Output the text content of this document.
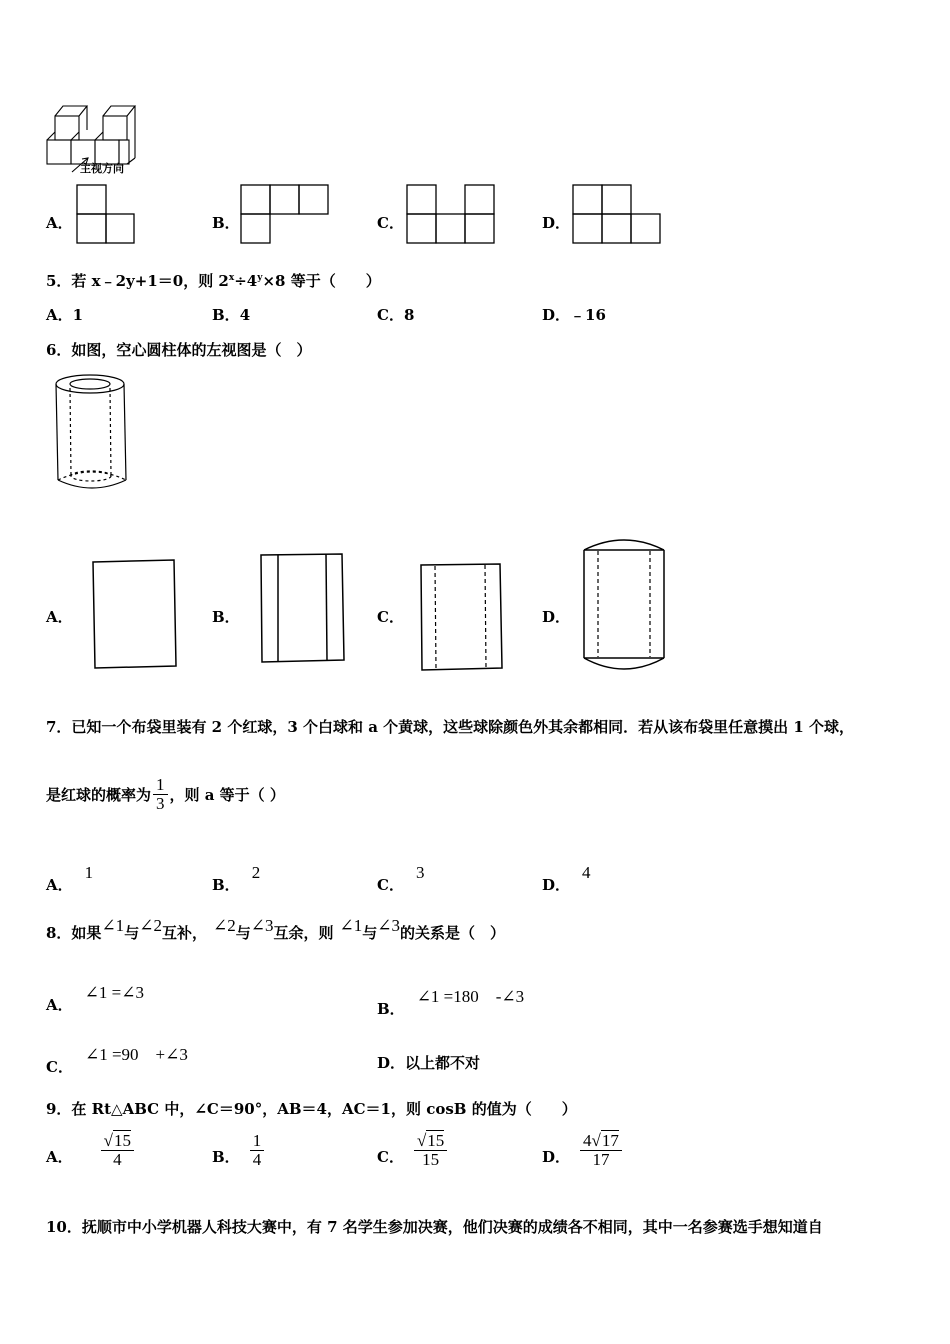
主视方向
A．	B．	C．	D．
5．若 x﹣2y+1＝0，则 $2^x\div 4^y\times 8$ 等于（　　）
A．1	B．4	C．8	D．﹣16
6．如图，空心圆柱体的左视图是（　）
A．	B．	C．	D．
7．已知一个布袋里装有 2 个红球，3 个白球和 a 个黄球，这些球除颜色外其余都相同．若从该布袋里任意摸出 1 个球，
是红球的概率为 $\frac{1}{3}$ ，则 a 等于（ ）
A．1
B．2
C．3
D．4
8．如果∠1与∠2互补， ∠2与∠3互余，则 ∠1与∠3的关系是（　）
A．∠1 =∠3
B．∠1 =180　-∠3
C．∠1 =90　+∠3	D．以上都不对
9．在 Rt△ABC 中，∠C＝90°，AB＝4，AC＝1，则 cosB 的值为（　　）
A． $\frac{√15}{4}$	B． $\frac{1}{4}$	C． $\frac{√15}{15}$	D． $\frac{4√17}{17}$
10．抚顺市中小学机器人科技大赛中，有 7 名学生参加决赛，他们决赛的成绩各不相同，其中一名参赛选手想知道自
